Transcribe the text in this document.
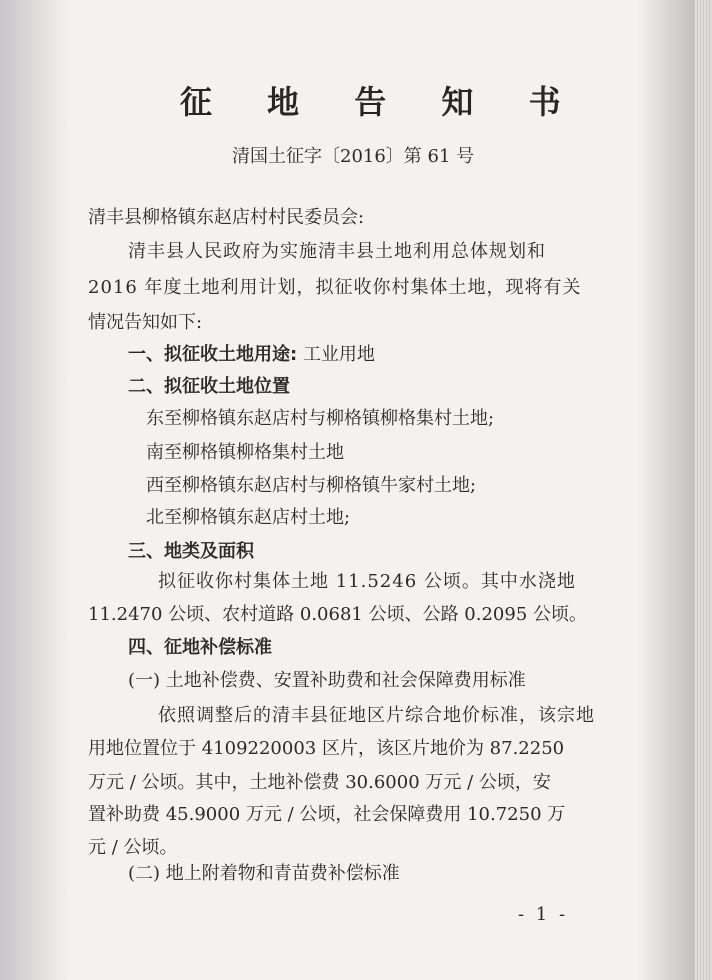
征 地 告 知 书
清国土征字〔2016〕第 61 号
清丰县柳格镇东赵店村村民委员会:
清丰县人民政府为实施清丰县土地利用总体规划和
2016 年度土地利用计划，拟征收你村集体土地，现将有关
情况告知如下:
一、拟征收土地用途: 工业用地
二、拟征收土地位置
东至柳格镇东赵店村与柳格镇柳格集村土地;
南至柳格镇柳格集村土地
西至柳格镇东赵店村与柳格镇牛家村土地;
北至柳格镇东赵店村土地;
三、地类及面积
拟征收你村集体土地 11.5246 公顷。其中水浇地
11.2470 公顷、农村道路 0.0681 公顷、公路 0.2095 公顷。
四、征地补偿标准
(一) 土地补偿费、安置补助费和社会保障费用标准
依照调整后的清丰县征地区片综合地价标准，该宗地
用地位置位于 4109220003 区片，该区片地价为 87.2250
万元 / 公顷。其中，土地补偿费 30.6000 万元 / 公顷，安
置补助费 45.9000 万元 / 公顷，社会保障费用 10.7250 万
元 / 公顷。
(二) 地上附着物和青苗费补偿标准
- 1 -
